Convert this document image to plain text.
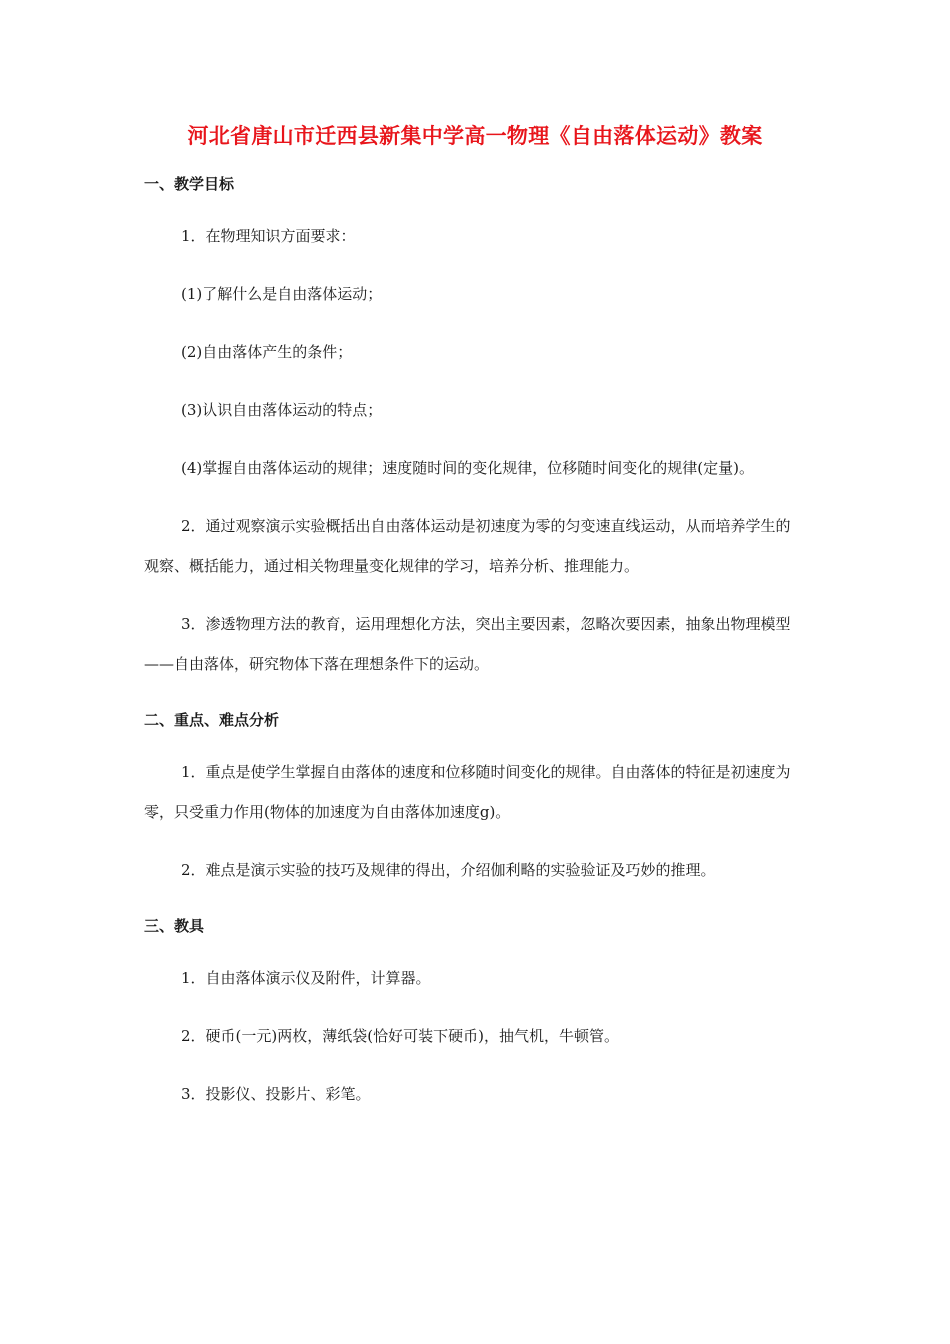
河北省唐山市迁西县新集中学高一物理《自由落体运动》教案
一、教学目标

1．在物理知识方面要求：

(1)了解什么是自由落体运动；

(2)自由落体产生的条件；

(3)认识自由落体运动的特点；

(4)掌握自由落体运动的规律；速度随时间的变化规律，位移随时间变化的规律(定量)。

2．通过观察演示实验概括出自由落体运动是初速度为零的匀变速直线运动，从而培养学生的观察、概括能力，通过相关物理量变化规律的学习，培养分析、推理能力。

3．渗透物理方法的教育，运用理想化方法，突出主要因素，忽略次要因素，抽象出物理模型——自由落体，研究物体下落在理想条件下的运动。

二、重点、难点分析

1．重点是使学生掌握自由落体的速度和位移随时间变化的规律。自由落体的特征是初速度为零，只受重力作用(物体的加速度为自由落体加速度g)。

2．难点是演示实验的技巧及规律的得出，介绍伽利略的实验验证及巧妙的推理。

三、教具

1．自由落体演示仪及附件，计算器。

2．硬币(一元)两枚，薄纸袋(恰好可装下硬币)，抽气机，牛顿管。

3．投影仪、投影片、彩笔。
